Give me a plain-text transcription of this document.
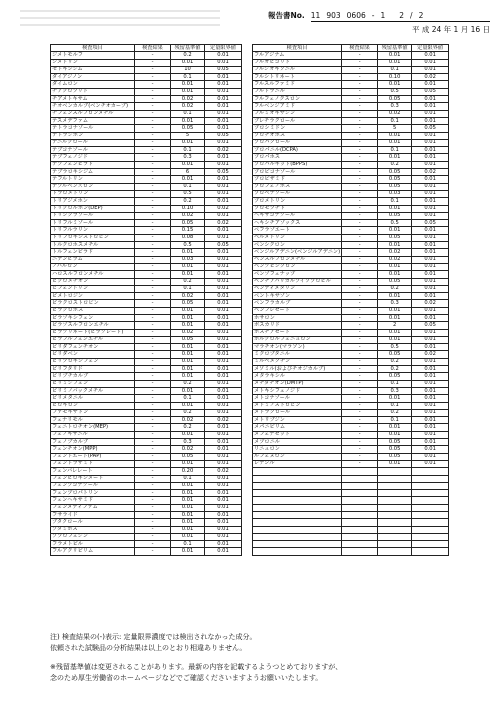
報告書No. 11 903 0606 - 1 2 / 2
平 成 24 年 1 月 16 日
検査項目	検査結果	残留基準値	定量限界値
ジメトモルフ	-	0.2	0.01
シメトリン	-	0.01	0.01
セトキシジム	-	10	0.05
ダイアジノン	-	0.1	0.01
ダイムロン	-	0.01	0.01
チアクロプリド	-	0.01	0.01
チアメトキサム	-	0.02	0.01
チオベンカルブ(ベンチオカーブ)	-	0.02	0.01
チフェンスルフロンメチル	-	0.1	0.01
テスメデファム	-	0.01	0.01
テトラコナゾール	-	0.05	0.01
テトラジホン	-	5	0.05
テニルクロール	-	0.01	0.01
テブコナゾール	-	0.1	0.02
テブフェノジド	-	0.3	0.01
テブフェンピラド	-	0.01	0.01
テブラロキシジム	-	6	0.05
テフルトリン	-	0.01	0.01
テブルベンズロン	-	0.1	0.01
トラロメトリン	-	0.5	0.01
トリアジメホン	-	0.2	0.01
トリクロルホン(DEP)	-	0.10	0.02
トリシクラゾール	-	0.02	0.01
トリフルミゾール	-	0.05	0.02
トリフルラリン	-	0.15	0.01
トリフロキシストロビン	-	0.08	0.01
トルクロホスメチル	-	0.5	0.05
トルフェンピラド	-	0.01	0.01
ニテンピラム	-	0.03	0.01
ノバルロン	-	0.01	0.01
ハロスルフロンメチル	-	0.01	0.01
ピクロメチオン	-	0.2	0.01
ビフェントリン	-	0.1	0.01
ピメトロジン	-	0.02	0.01
ピラクロストロビン	-	0.05	0.01
ピラクロホス	-	0.01	0.01
ピラゾキシフェン	-	0.01	0.01
ピラゾスルフロンエチル	-	0.01	0.01
ピラゾリネート(ピラゾレート)	-	0.02	0.01
ピラフルフェンエチル	-	0.05	0.01
ピリダフェンチオン	-	0.01	0.01
ピリダベン	-	0.01	0.01
ピリプロキシフェン	-	0.01	0.01
ピリフタリド	-	0.01	0.01
ピリブチカルブ	-	0.01	0.01
ピリミジフェン	-	0.2	0.01
ピリミノバックメチル	-	0.01	0.01
ピリメタニル	-	0.1	0.01
ピロキロン	-	0.01	0.01
ファモキサドン	-	0.2	0.01
フェナリモル	-	0.02	0.02
フェニトロチオン(MEP)	-	0.2	0.01
フェノキサニル	-	0.01	0.01
フェノブカルブ	-	0.3	0.01
フェンチオン(MPP)	-	0.02	0.01
フェントエート(PAP)	-	0.05	0.01
フェントラザミド	-	0.01	0.01
フェンバレレート	-	0.20	0.02
フェンピロキシメート	-	0.1	0.01
フェンブコナゾール	-	0.01	0.01
フェンプロパトリン	-	0.01	0.01
フェンヘキサミド	-	0.01	0.01
フェンメディファム	-	0.01	0.01
フサライド	-	0.01	0.01
ブタクロール	-	0.01	0.01
ブタミホス	-	0.01	0.01
ブプロフェジン	-	0.01	0.01
フラメトピル	-	0.1	0.01
フルアクリピリム	-	0.01	0.01
検査項目	検査結果	残留基準値	定量限界値
フルアジナム	-	0.01	0.01
フルオピコリド	-	0.01	0.01
フルジオキソニル	-	0.1	0.01
フルシトリネート	-	0.10	0.02
フルスルファミド	-	0.01	0.01
フルトラニル	-	0.5	0.05
フルフェノクスロン	-	0.05	0.01
フルベンジアミド	-	0.3	0.01
フルミオキサジン	-	0.02	0.01
ブレチラクロール	-	0.1	0.01
プロシミドン	-	5	0.05
プロチオホス	-	0.01	0.01
プロパクロール	-	0.01	0.01
プロパニル(DCPA)	-	0.1	0.01
プロパホス	-	0.01	0.01
プロパルギット(BPPS)	-	0.2	0.01
プロピコナゾール	-	0.05	0.02
プロピザミド	-	0.05	0.01
プロフェノホス	-	0.05	0.01
プロベナゾール	-	0.03	0.01
プロメトリン	-	0.1	0.01
プロモプチド	-	0.01	0.01
ヘキサコナゾール	-	0.05	0.01
ヘキシチアゾックス	-	0.5	0.05
ペフラゾエート	-	0.01	0.01
ペルメトリン	-	0.05	0.01
ペンシクロン	-	0.01	0.01
ベンジルアデニン(ベンジルアデニン)	-	0.02	0.01
ペンスルフロンメチル	-	0.02	0.01
ペンゾピシクロン	-	0.01	0.01
ペンゾフェナップ	-	0.01	0.01
ベンチアバリカルブイソプロピル	-	0.05	0.01
ペンディメタリン	-	0.2	0.01
ペントキサゾン	-	0.01	0.01
ペンフラカルブ	-	0.3	0.02
ペンフレセート	-	0.01	0.01
ホサロン	-	0.01	0.01
ボスカリド	-	2	0.05
ホスチアゼート	-	0.01	0.01
ホルクロルフェニュロン	-	0.01	0.01
マラチオン(マラソン)	-	0.5	0.01
ミクロブタニル	-	0.05	0.02
ミルベメクチン	-	0.2	0.01
メソミル(およびチオジカルブ)	-	0.2	0.01
メタラキシル	-	0.05	0.01
メチダチオン(DMTP)	-	0.1	0.01
メトキシフェノジド	-	0.3	0.01
メトコナゾール	-	0.01	0.01
メトミノストロビン	-	0.1	0.01
メトラクロール	-	0.2	0.01
メトリブジン	-	0.1	0.01
メパニピリム	-	0.01	0.01
メフェナセット	-	0.01	0.01
メプロニル	-	0.05	0.01
リニュロン	-	0.05	0.01
ルフェヌロン	-	0.05	0.01
レナシル	-	0.01	0.01

注) 検査結果の(-)表示: 定量限界濃度では検出されなかった成分。

依頼された試験品の分析結果は以上のとおり相違ありません。

※残留基準値は変更されることがあります。最新の内容を記載するようつとめておりますが、

念のため厚生労働省のホームページなどでご確認くださいますようお願いいたします。
